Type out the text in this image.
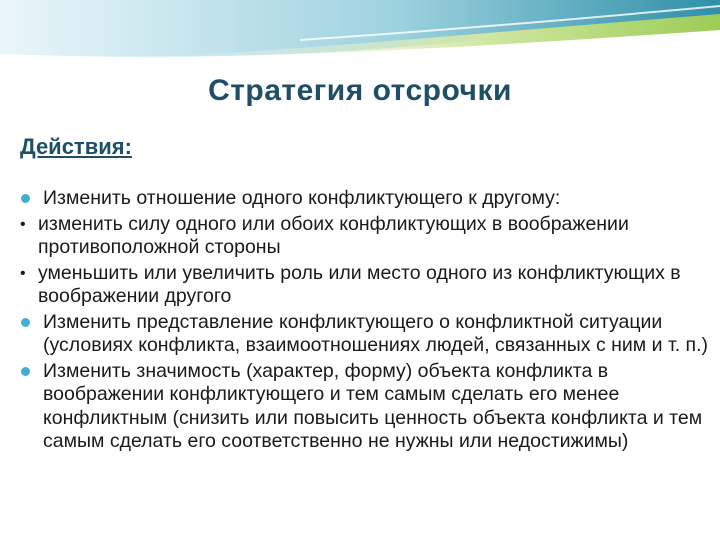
Стратегия отсрочки
Действия:
Изменить отношение одного конфликтующего к другому:
• изменить силу одного или обоих конфликтующих в воображении противоположной стороны
• уменьшить или увеличить роль или место одного из конфликтующих в воображении другого
Изменить представление конфликтующего о конфликтной ситуации (условиях конфликта, взаимоотношениях людей, связанных с ним и т. п.)
Изменить значимость (характер, форму) объекта конфликта в воображении конфликтующего и тем самым сделать его менее конфликтным (снизить или повысить ценность объекта конфликта и тем самым сделать его соответственно не нужны или недостижимы)
